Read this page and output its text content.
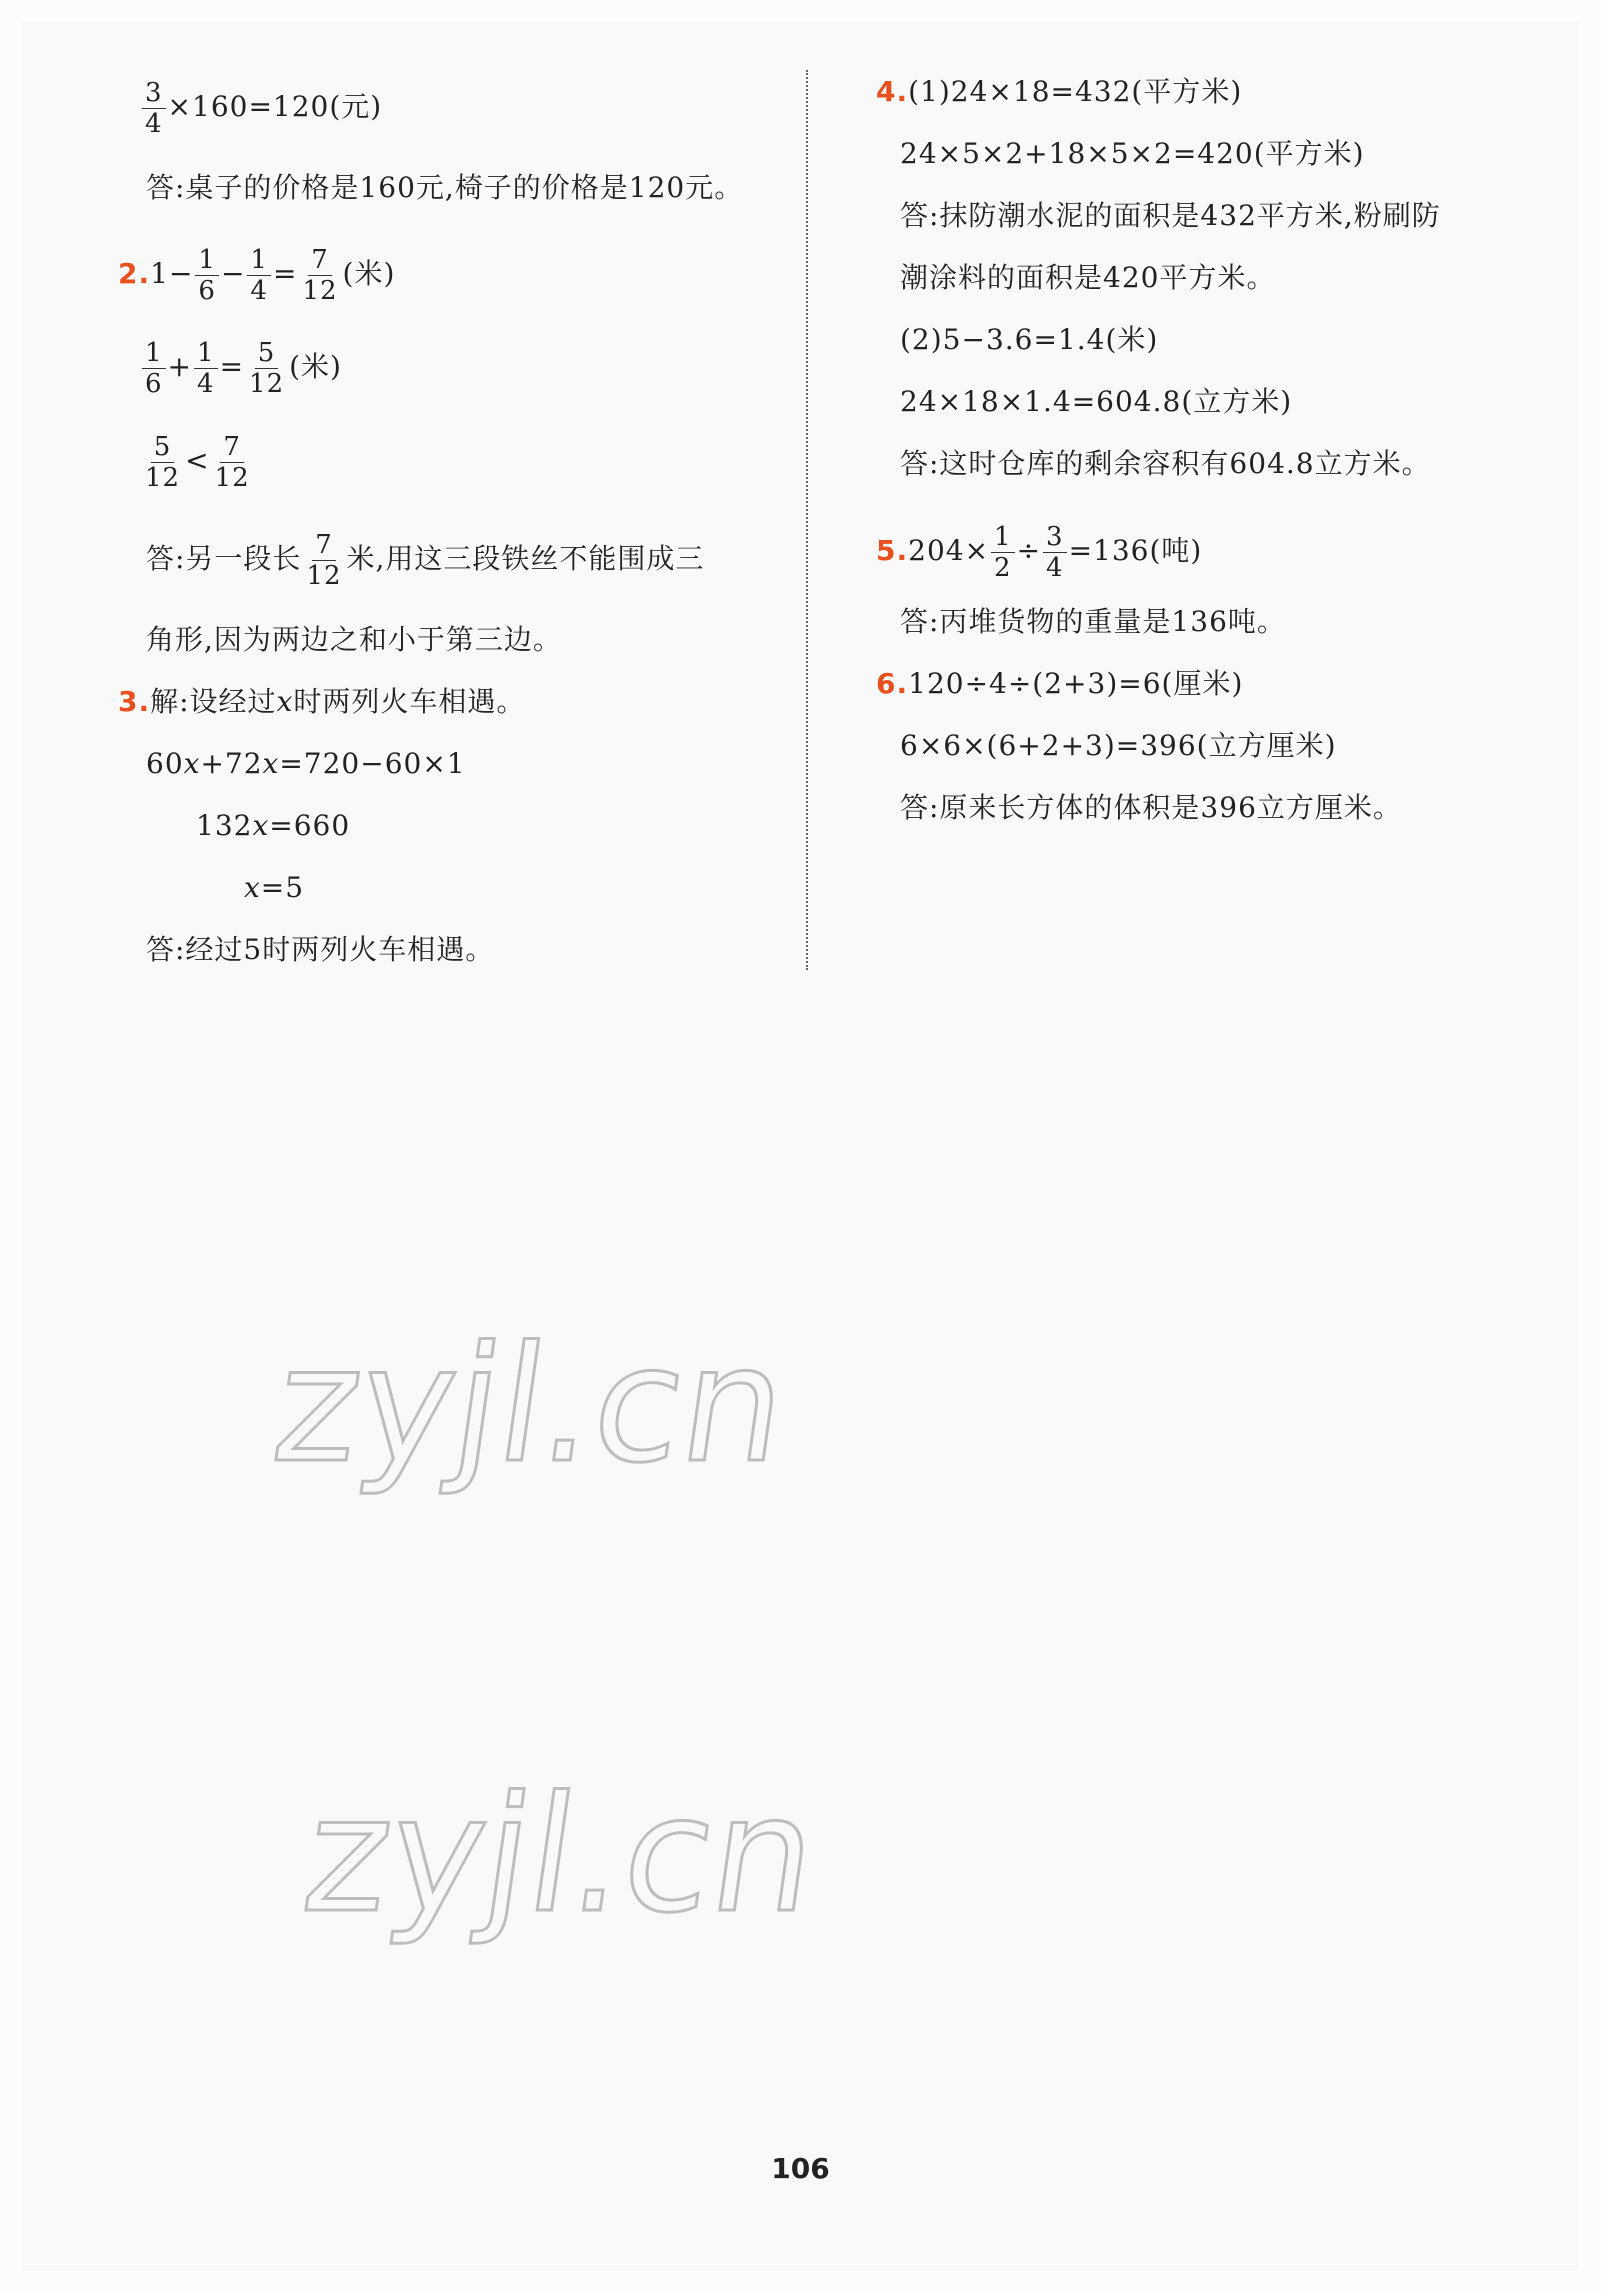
$\frac{3}{4} \times 160=120$(元)
答:桌子的价格是160元,椅子的价格是120元。
$2.1- \frac{1}{6} - \frac{1}{4} = \frac{7}{12}$ (米)
$\frac{1}{6} + \frac{1}{4} = \frac{5}{12}$ (米)
$\frac{5}{12} < \frac{7}{12}$
答:另一段长 $\frac{7}{12}$ 米,用这三段铁丝不能围成三
角形,因为两边之和小于第三边。
3.解:设经过x时两列火车相遇。
60x+72x=720−60×1
132x=660
x=5
答:经过5时两列火车相遇。
4.(1)24×18=432(平方米)
24×5×2+18×5×2=420(平方米)
答:抹防潮水泥的面积是432平方米,粉刷防
潮涂料的面积是420平方米。
(2)5−3.6=1.4(米)
24×18×1.4=604.8(立方米)
答:这时仓库的剩余容积有604.8立方米。
$5.204\times \frac{1}{2} \div \frac{3}{4} =136$(吨)
答:丙堆货物的重量是136吨。
6.120÷4÷(2+3)=6(厘米)
6×6×(6+2+3)=396(立方厘米)
答:原来长方体的体积是396立方厘米。
zyjl.cn
zyjl.cn
106
